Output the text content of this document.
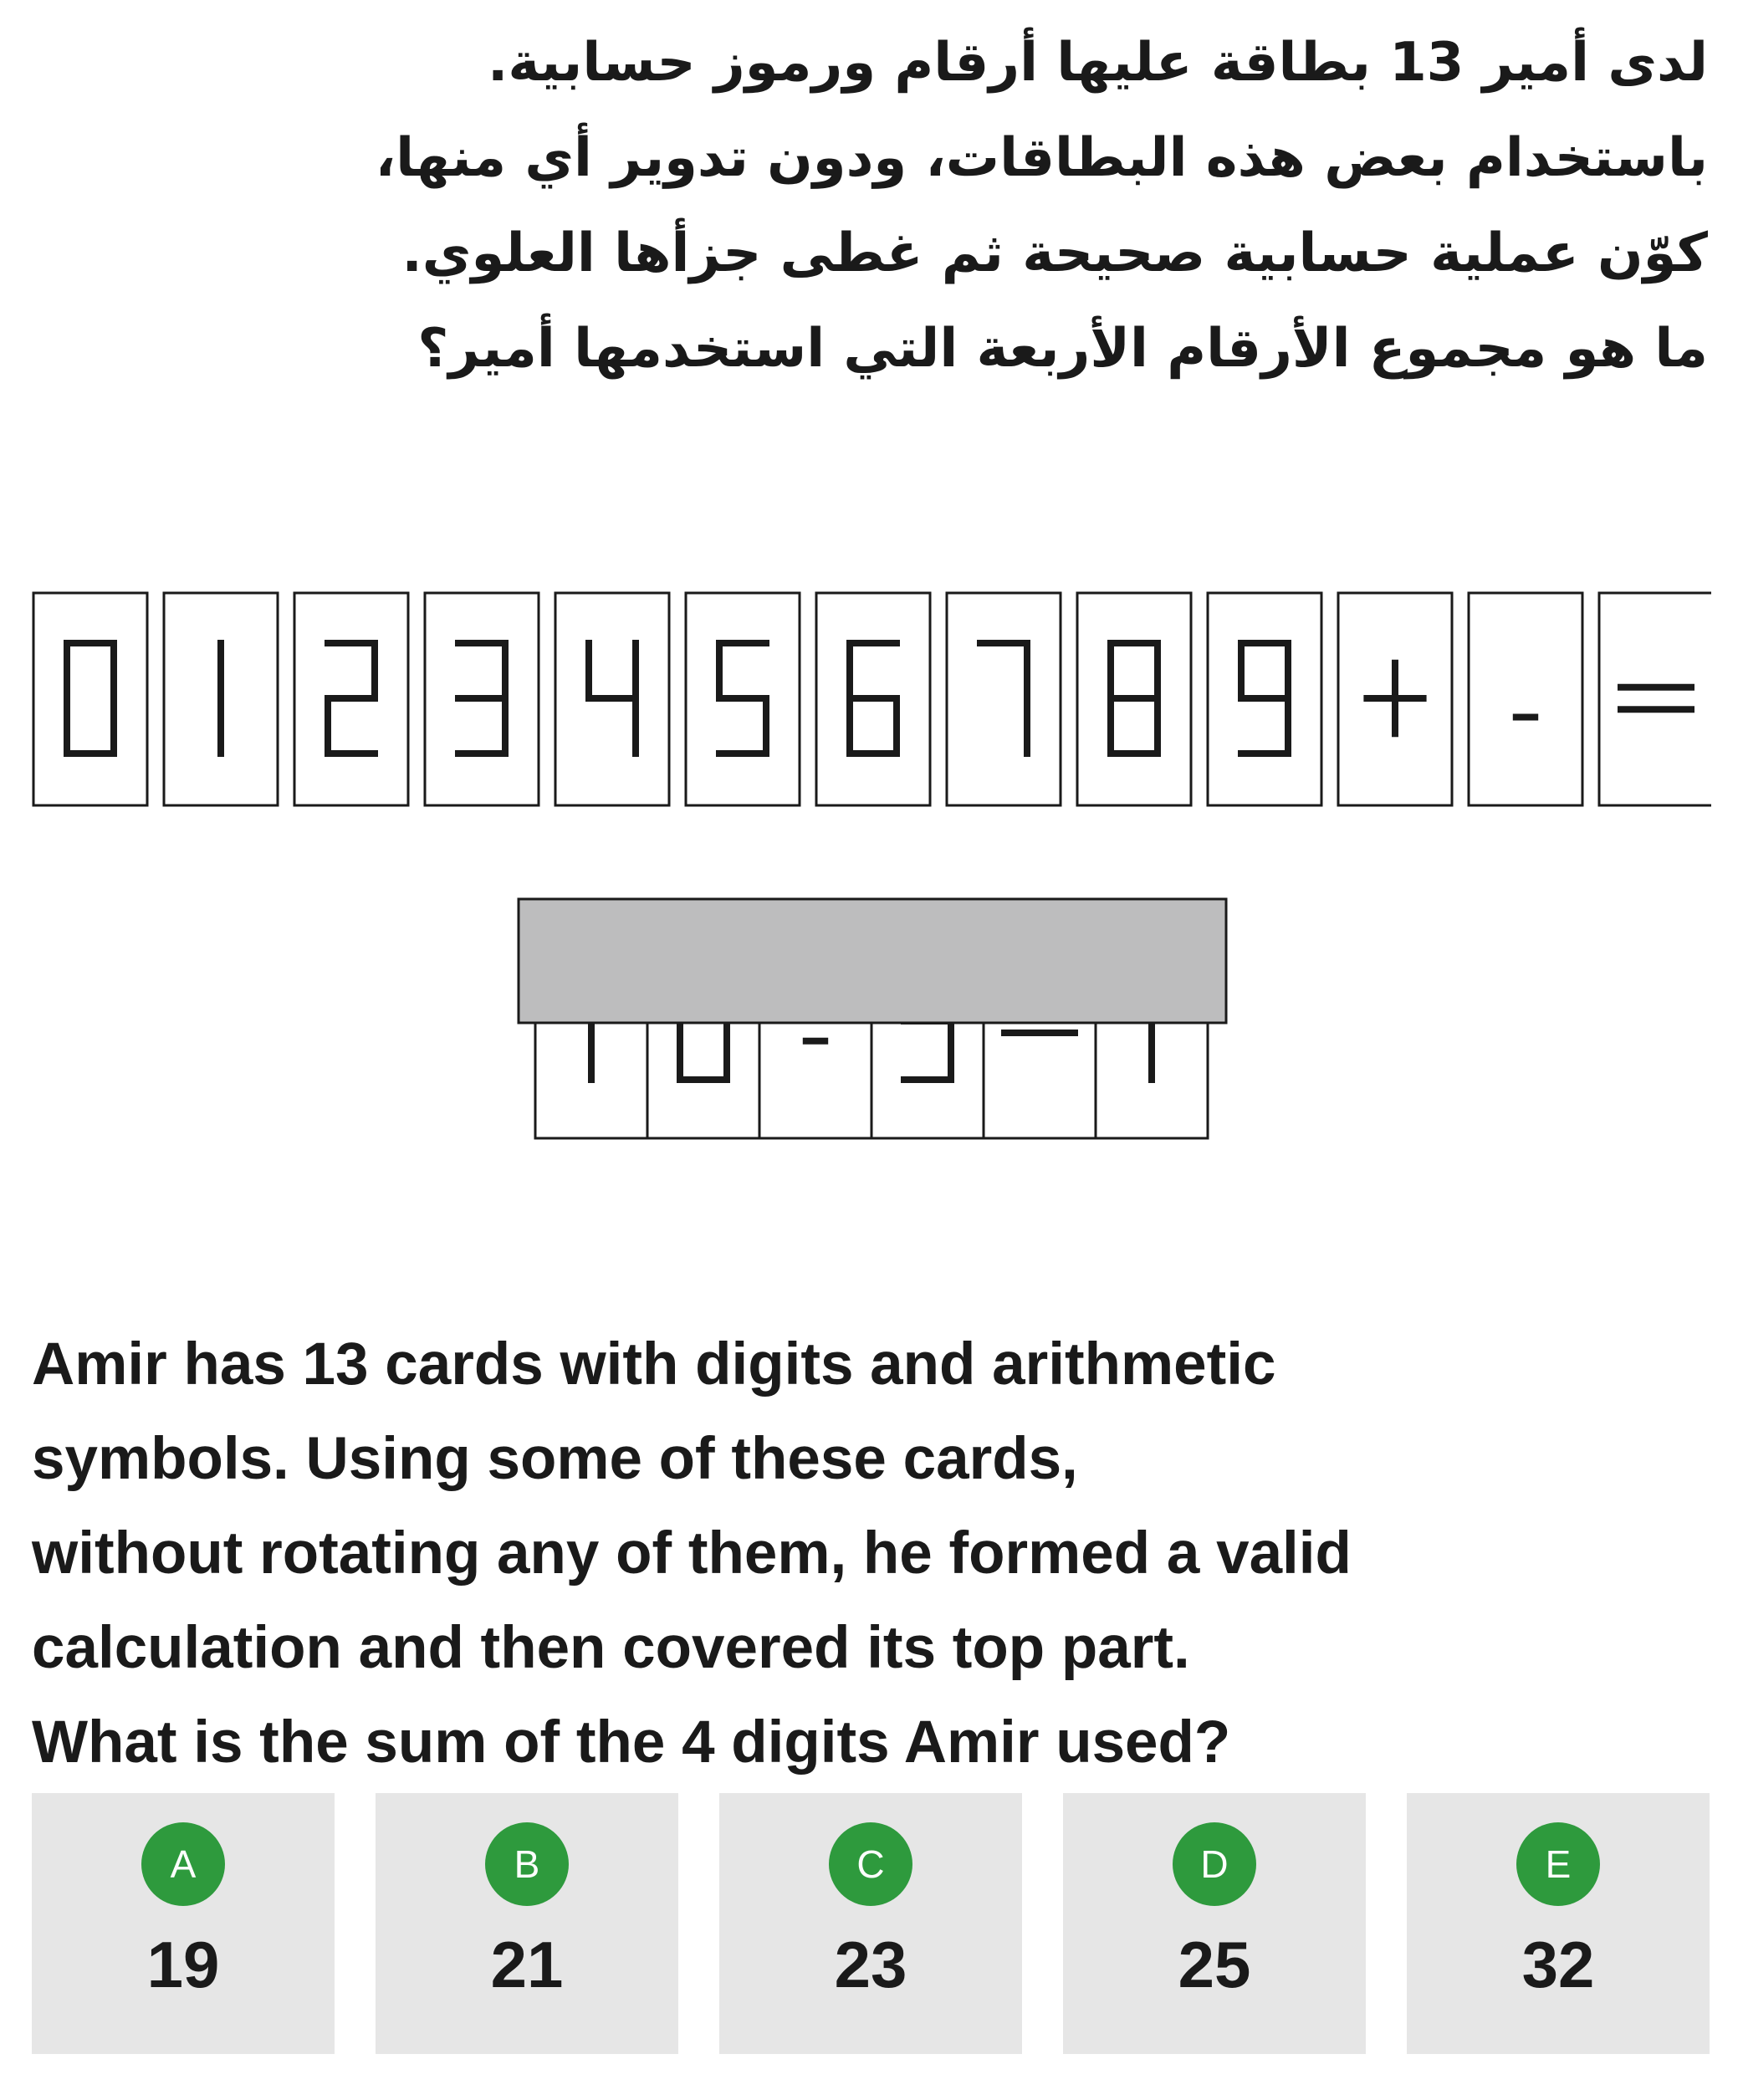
لدى أمير 13 بطاقة عليها أرقام ورموز حسابية.
باستخدام بعض هذه البطاقات، ودون تدوير أي منها،
كوّن عملية حسابية صحيحة ثم غطى جزأها العلوي.
ما هو مجموع الأرقام الأربعة التي استخدمها أمير؟
Amir has 13 cards with digits and arithmetic
symbols. Using some of these cards,
without rotating any of them, he formed a valid
calculation and then covered its top part.
What is the sum of the 4 digits Amir used?
A
19
B
21
C
23
D
25
E
32
